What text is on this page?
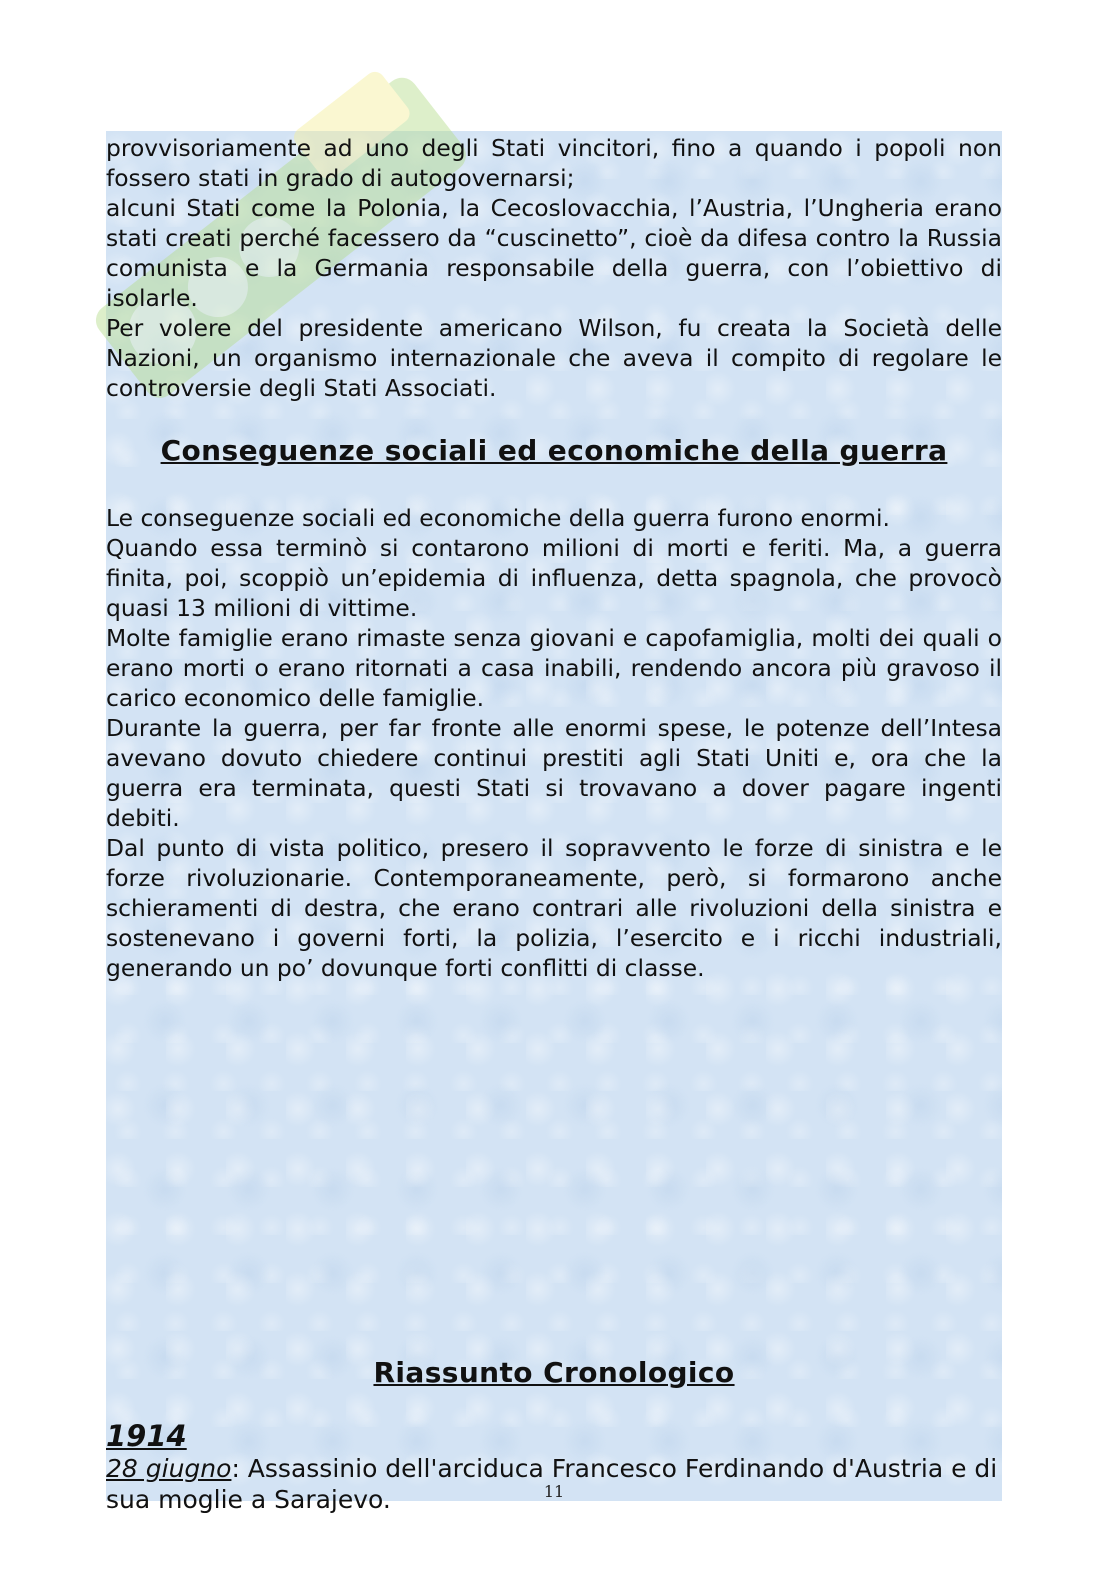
provvisoriamente ad uno degli Stati vincitori, fino a quando i popoli non fossero stati in grado di autogovernarsi;

alcuni Stati come la Polonia, la Cecoslovacchia, l’Austria, l’Ungheria erano stati creati perché facessero da “cuscinetto”, cioè da difesa contro la Russia comunista e la Germania responsabile della guerra, con l’obiettivo di isolarle.

Per volere del presidente americano Wilson, fu creata la Società delle Nazioni, un organismo internazionale che aveva il compito di regolare le controversie degli Stati Associati.

Conseguenze sociali ed economiche della guerra

Le conseguenze sociali ed economiche della guerra furono enormi.

Quando essa terminò si contarono milioni di morti e feriti. Ma, a guerra finita, poi, scoppiò un’epidemia di influenza, detta spagnola, che provocò quasi 13 milioni di vittime.

Molte famiglie erano rimaste senza giovani e capofamiglia, molti dei quali o erano morti o erano ritornati a casa inabili, rendendo ancora più gravoso il carico economico delle famiglie.

Durante la guerra, per far fronte alle enormi spese, le potenze dell’Intesa avevano dovuto chiedere continui prestiti agli Stati Uniti e, ora che la guerra era terminata, questi Stati si trovavano a dover pagare ingenti debiti.

Dal punto di vista politico, presero il sopravvento le forze di sinistra e le forze rivoluzionarie. Contemporaneamente, però, si formarono anche schieramenti di destra, che erano contrari alle rivoluzioni della sinistra e sostenevano i governi forti, la polizia, l’esercito e i ricchi industriali, generando un po’ dovunque forti conflitti di classe.

Riassunto Cronologico

1914

28 giugno: Assassinio dell'arciduca Francesco Ferdinando d'Austria e di sua moglie a Sarajevo.	11
